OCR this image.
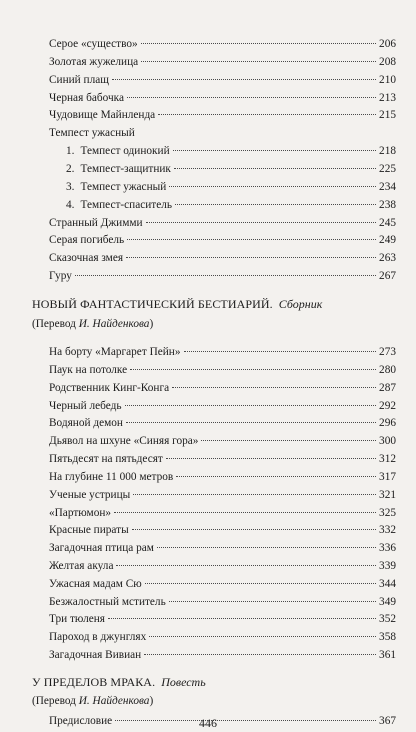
Серое «существо»	206
Золотая жужелица	208
Синий плащ	210
Черная бабочка	213
Чудовище Майнленда	215
Темпест ужасный
1. Темпест одинокий	218
2. Темпест-защитник	225
3. Темпест ужасный	234
4. Темпест-спаситель	238
Странный Джимми	245
Серая погибель	249
Сказочная змея	263
Гуру	267
НОВЫЙ ФАНТАСТИЧЕСКИЙ БЕСТИАРИЙ. Сборник
(Перевод И. Найденкова)
На борту «Маргарет Пейн»	273
Паук на потолке	280
Родственник Кинг-Конга	287
Черный лебедь	292
Водяной демон	296
Дьявол на шхуне «Синяя гора»	300
Пятьдесят на пятьдесят	312
На глубине 11 000 метров	317
Ученые устрицы	321
«Партюмон»	325
Красные пираты	332
Загадочная птица рам	336
Желтая акула	339
Ужасная мадам Сю	344
Безжалостный мститель	349
Три тюленя	352
Пароход в джунглях	358
Загадочная Вивиан	361
У ПРЕДЕЛОВ МРАКА. Повесть
(Перевод И. Найденкова)
Предисловие	367
446
